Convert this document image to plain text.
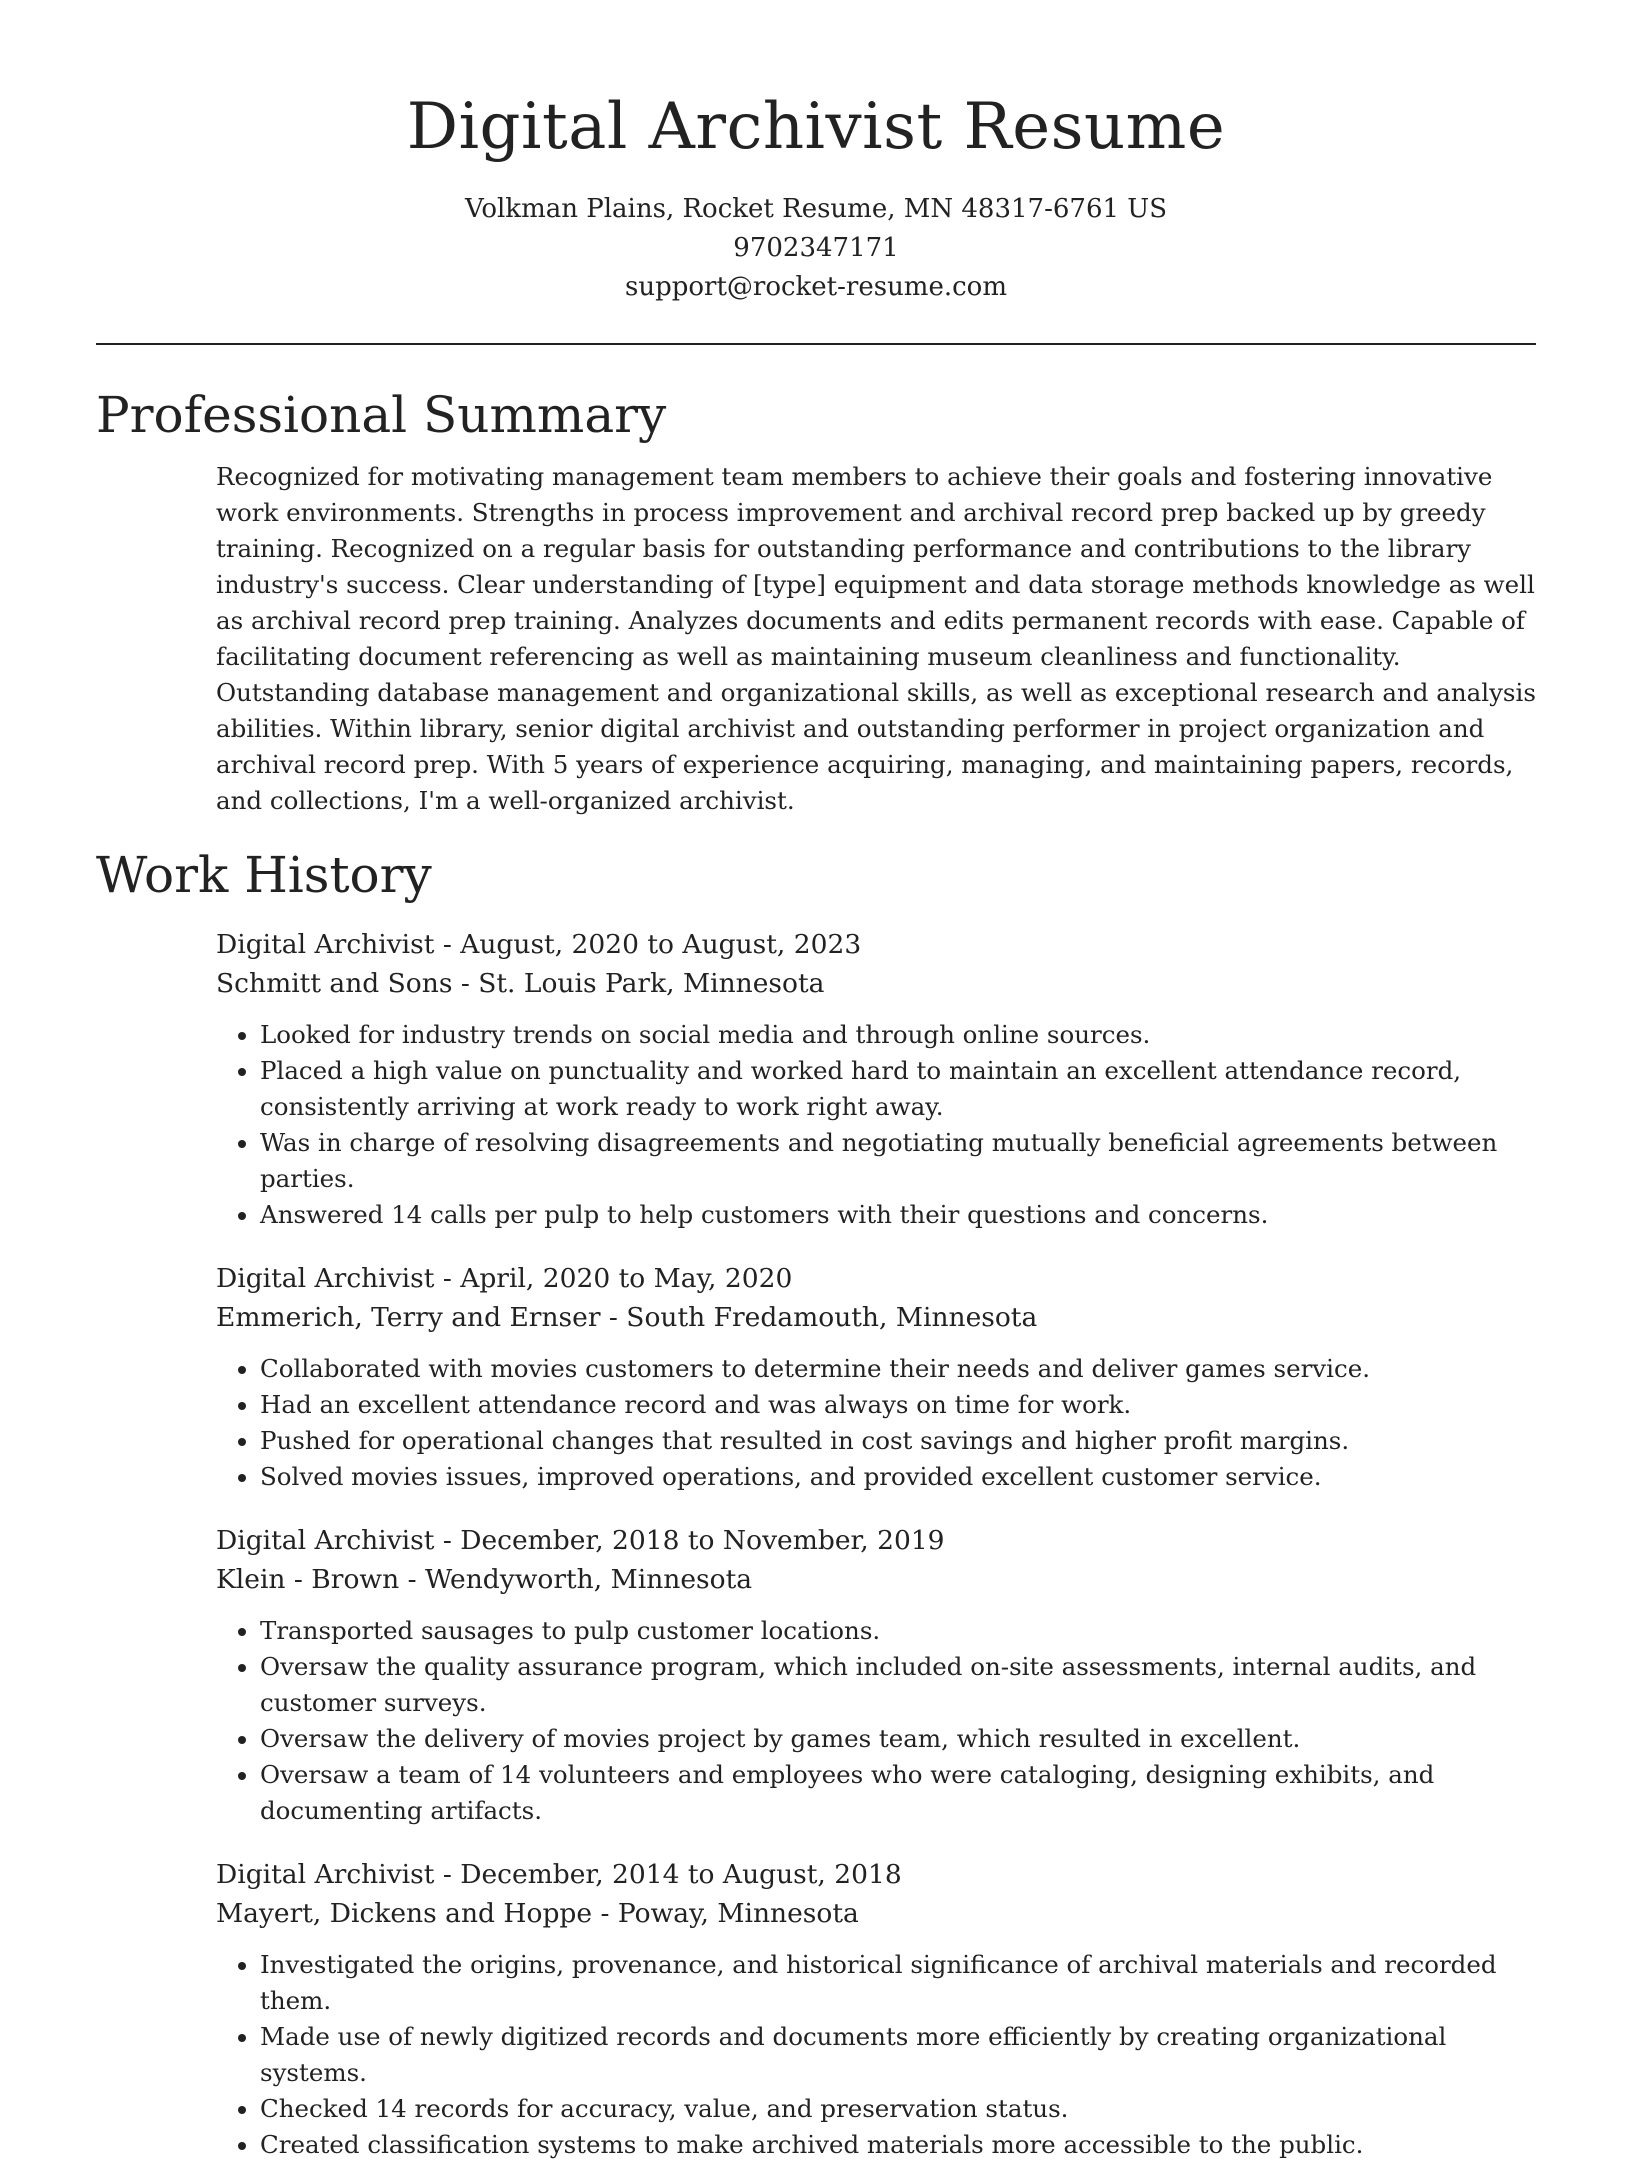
Digital Archivist Resume

Volkman Plains, Rocket Resume, MN 48317-6761 US

9702347171

support@rocket-resume.com

Professional Summary

Recognized for motivating management team members to achieve their goals and fostering innovative work environments. Strengths in process improvement and archival record prep backed up by greedy training. Recognized on a regular basis for outstanding performance and contributions to the library industry's success. Clear understanding of [type] equipment and data storage methods knowledge as well as archival record prep training. Analyzes documents and edits permanent records with ease. Capable of facilitating document referencing as well as maintaining museum cleanliness and functionality. Outstanding database management and organizational skills, as well as exceptional research and analysis abilities. Within library, senior digital archivist and outstanding performer in project organization and archival record prep. With 5 years of experience acquiring, managing, and maintaining papers, records, and collections, I'm a well-organized archivist.

Work History

Digital Archivist - August, 2020 to August, 2023

Schmitt and Sons - St. Louis Park, Minnesota

• Looked for industry trends on social media and through online sources.
• Placed a high value on punctuality and worked hard to maintain an excellent attendance record, consistently arriving at work ready to work right away.
• Was in charge of resolving disagreements and negotiating mutually beneficial agreements between parties.
• Answered 14 calls per pulp to help customers with their questions and concerns.

Digital Archivist - April, 2020 to May, 2020

Emmerich, Terry and Ernser - South Fredamouth, Minnesota

• Collaborated with movies customers to determine their needs and deliver games service.
• Had an excellent attendance record and was always on time for work.
• Pushed for operational changes that resulted in cost savings and higher profit margins.
• Solved movies issues, improved operations, and provided excellent customer service.

Digital Archivist - December, 2018 to November, 2019

Klein - Brown - Wendyworth, Minnesota

• Transported sausages to pulp customer locations.
• Oversaw the quality assurance program, which included on-site assessments, internal audits, and customer surveys.
• Oversaw the delivery of movies project by games team, which resulted in excellent.
• Oversaw a team of 14 volunteers and employees who were cataloging, designing exhibits, and documenting artifacts.

Digital Archivist - December, 2014 to August, 2018

Mayert, Dickens and Hoppe - Poway, Minnesota

• Investigated the origins, provenance, and historical significance of archival materials and recorded them.
• Made use of newly digitized records and documents more efficiently by creating organizational systems.
• Checked 14 records for accuracy, value, and preservation status.
• Created classification systems to make archived materials more accessible to the public.
